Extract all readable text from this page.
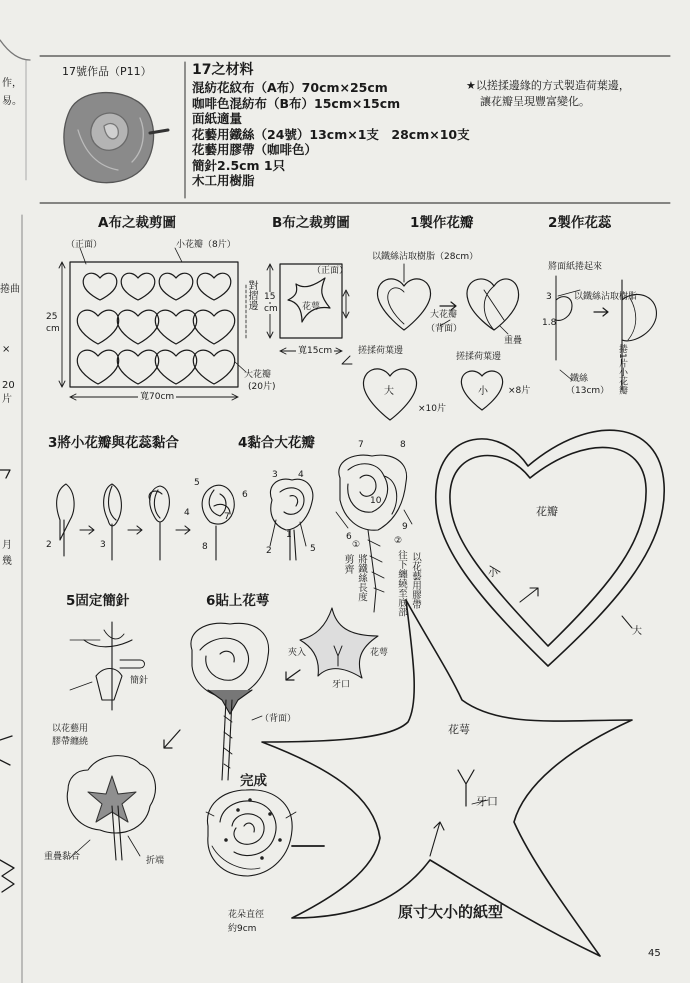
作，
易。
捲曲
×
20
片
月
幾
17號作品（P11）	17之材料
混紡花紋布（A布）70cm×25cm
咖啡色混紡布（B布）15cm×15cm
面紙適量
花藝用鐵絲（24號）13cm×1支　28cm×10支
花藝用膠帶（咖啡色）
簡針2.5cm 1只
木工用樹脂
★以搓揉邊緣的方式製造荷葉邊，
讓花瓣呈現豐富變化。
A布之裁剪圖	B布之裁剪圖	1製作花瓣	2製作花蕊
3將小花瓣與花蕊黏合	4黏合大花瓣
5固定簡針	6貼上花萼
完成
原寸大小的紙型
（正面）	小花瓣（8片）
25
cm
寬70cm
對摺邊
大花瓣
(20片)
（正面）
花萼
寬15cm
15
cm
以鐵絲沾取樹脂（28cm）
大花瓣
（背面）
重疊
搓揉荷葉邊
搓揉荷葉邊
大
×10片
小 ×8片
將面紙捲起來
3
1.8
以鐵絲沾取樹脂
捲1片小花瓣
鐵絲
（13cm）
2	3
4
5
6
7
8
3 4
1
2	5
7	8
10
6
9
剪齊
①
將鐵絲長度
②
往下纏繞至底部 以花藝用膠帶
簡針
以花藝用
膠帶纏繞
重疊黏合	折端
夾入	花萼
牙口
（背面）
花朵直徑
約9cm
花瓣
小
大
花萼
牙口
45
